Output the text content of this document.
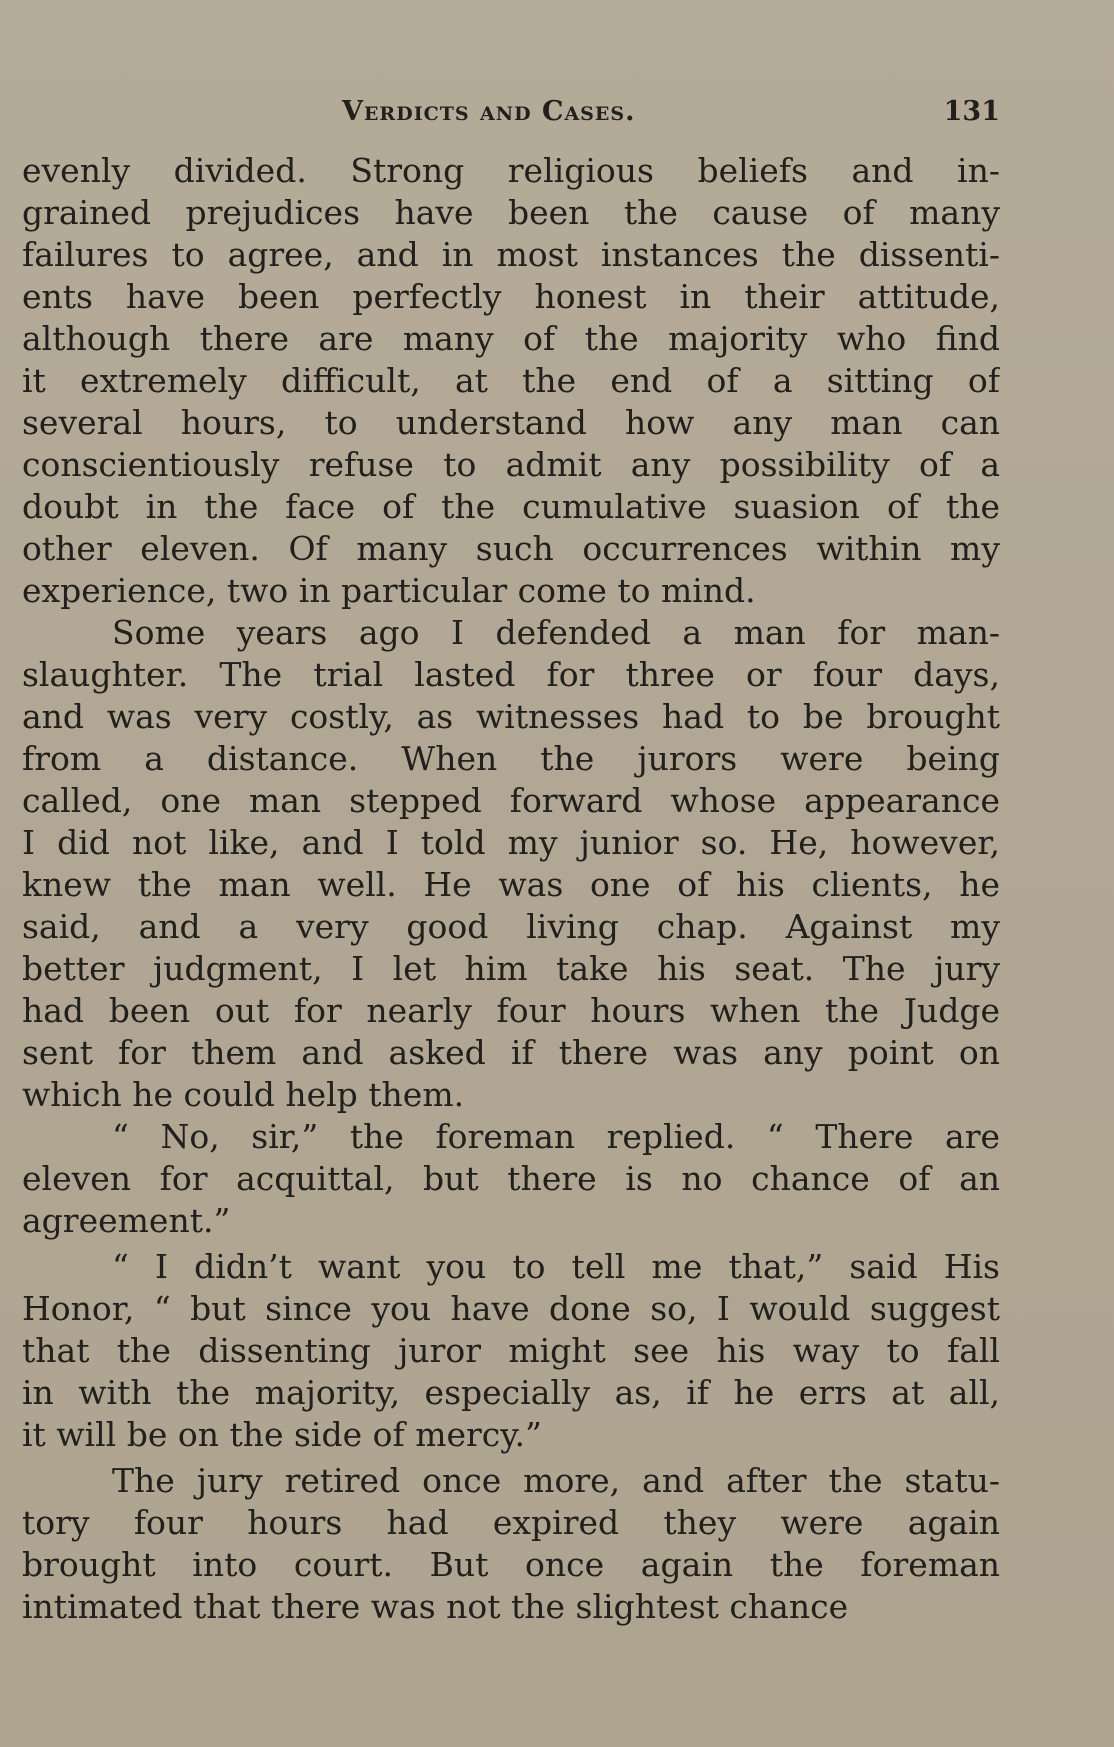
Verdicts and Cases.	131
evenly divided. Strong religious beliefs and in-
grained prejudices have been the cause of many
failures to agree, and in most instances the dissenti-
ents have been perfectly honest in their attitude,
although there are many of the majority who find
it extremely difficult, at the end of a sitting of
several hours, to understand how any man can
conscientiously refuse to admit any possibility of a
doubt in the face of the cumulative suasion of the
other eleven. Of many such occurrences within my
experience, two in particular come to mind.
Some years ago I defended a man for man-
slaughter. The trial lasted for three or four days,
and was very costly, as witnesses had to be brought
from a distance. When the jurors were being
called, one man stepped forward whose appearance
I did not like, and I told my junior so. He, however,
knew the man well. He was one of his clients, he
said, and a very good living chap. Against my
better judgment, I let him take his seat. The jury
had been out for nearly four hours when the Judge
sent for them and asked if there was any point on
which he could help them.
“ No, sir,” the foreman replied. “ There are
eleven for acquittal, but there is no chance of an
agreement.”
“ I didn’t want you to tell me that,” said His
Honor, “ but since you have done so, I would suggest
that the dissenting juror might see his way to fall
in with the majority, especially as, if he errs at all,
it will be on the side of mercy.”
The jury retired once more, and after the statu-
tory four hours had expired they were again
brought into court. But once again the foreman
intimated that there was not the slightest chance
